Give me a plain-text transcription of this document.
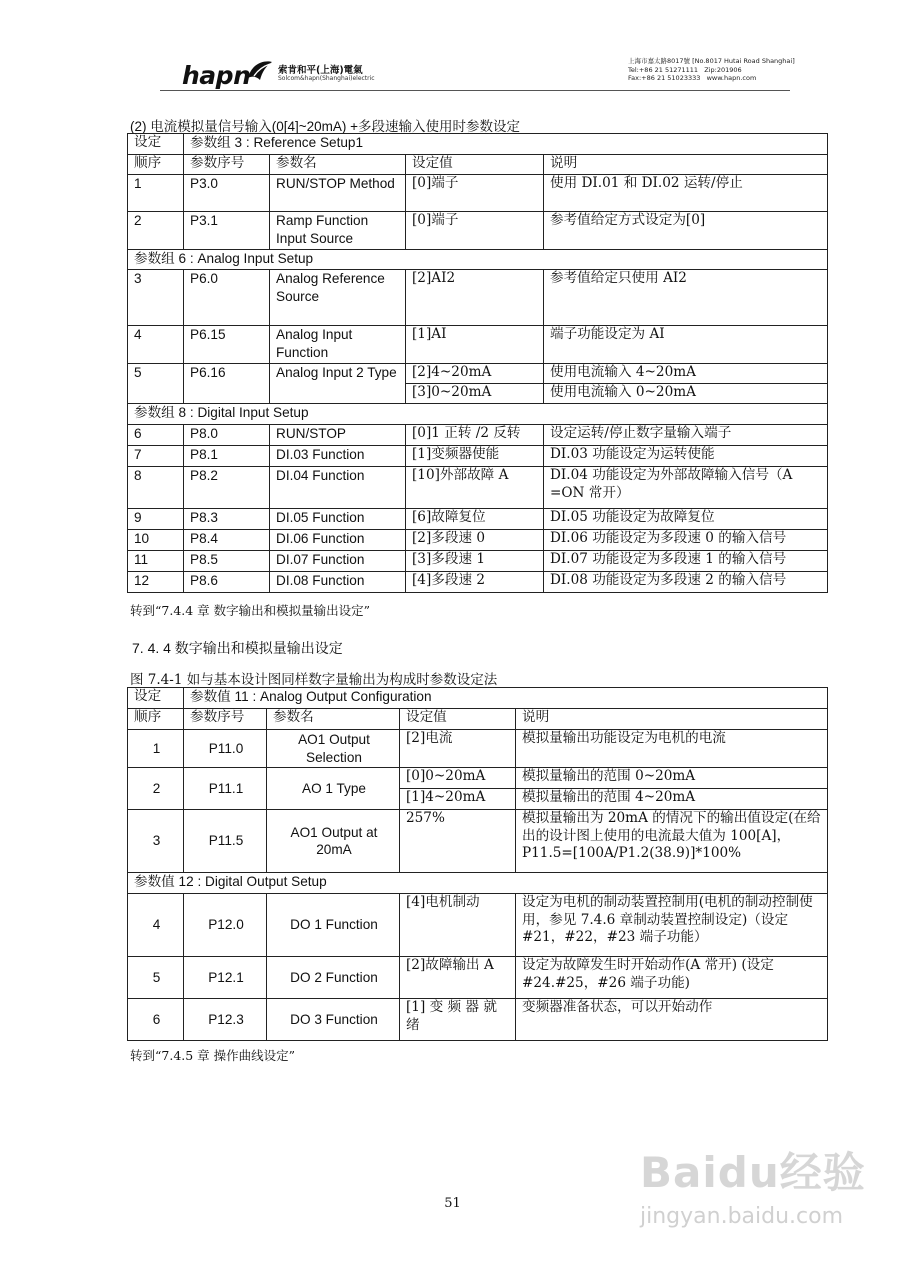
hapn	索肯和平(上海)電氣
Solcom&hapn(Shanghai)electric
上海市嘉太路8017號 [No.8017 Hutai Road Shanghai]
Tel:+86 21 51271111   Zip:201906
Fax:+86 21 51023333   www.hapn.com
(2) 电流模拟量信号输入(0[4]~20mA) +多段速输入使用时参数设定
设定	参数组 3 : Reference Setup1			
顺序	参数序号	参数名	设定值	说明
1	P3.0	RUN/STOP Method	[0]端子	使用 DI.01 和 DI.02 运转/停止
2	P3.1	Ramp Function Input Source	[0]端子	参考值给定方式设定为[0]
参数组 6 : Analog Input Setup				
3	P6.0	Analog Reference Source	[2]AI2	参考值给定只使用 AI2
4	P6.15	Analog Input Function	[1]AI	端子功能设定为 AI
5	P6.16	Analog Input 2 Type	[2]4~20mA	使用电流输入 4~20mA
			[3]0~20mA	使用电流输入 0~20mA
参数组 8 : Digital Input Setup				
6	P8.0	RUN/STOP	[0]1 正转 /2 反转	设定运转/停止数字量输入端子
7	P8.1	DI.03 Function	[1]变频器使能	DI.03 功能设定为运转使能
8	P8.2	DI.04 Function	[10]外部故障 A	DI.04 功能设定为外部故障输入信号（A =ON 常开）
9	P8.3	DI.05 Function	[6]故障复位	DI.05 功能设定为故障复位
10	P8.4	DI.06 Function	[2]多段速 0	DI.06 功能设定为多段速 0 的输入信号
11	P8.5	DI.07 Function	[3]多段速 1	DI.07 功能设定为多段速 1 的输入信号
12	P8.6	DI.08 Function	[4]多段速 2	DI.08 功能设定为多段速 2 的输入信号
转到“7.4.4 章 数字输出和模拟量输出设定”
7. 4. 4 数字输出和模拟量输出设定
图 7.4-1 如与基本设计图同样数字量输出为构成时参数设定法
设定	参数值 11 : Analog Output Configuration			
顺序	参数序号	参数名	设定值	说明
1	P11.0	AO1 Output Selection	[2]电流	模拟量输出功能设定为电机的电流
2	P11.1	AO 1 Type	[0]0~20mA	模拟量输出的范围 0~20mA
			[1]4~20mA	模拟量输出的范围 4~20mA
3	P11.5	AO1 Output at 20mA	257%	模拟量输出为 20mA 的情况下的输出值设定(在给出的设计图上使用的电流最大值为 100[A]，P11.5=[100A/P1.2(38.9)]*100%
参数值 12 : Digital Output Setup				
4	P12.0	DO 1 Function	[4]电机制动	设定为电机的制动装置控制用(电机的制动控制使用，参见 7.4.6 章制动装置控制设定)（设定#21，#22，#23 端子功能）
5	P12.1	DO 2 Function	[2]故障输出 A	设定为故障发生时开始动作(A 常开) (设定#24.#25，#26 端子功能)
6	P12.3	DO 3 Function	[1] 变 频 器 就 绪	变频器准备状态，可以开始动作
转到“7.4.5 章 操作曲线设定”
51
Baidu经验
jingyan.baidu.com
